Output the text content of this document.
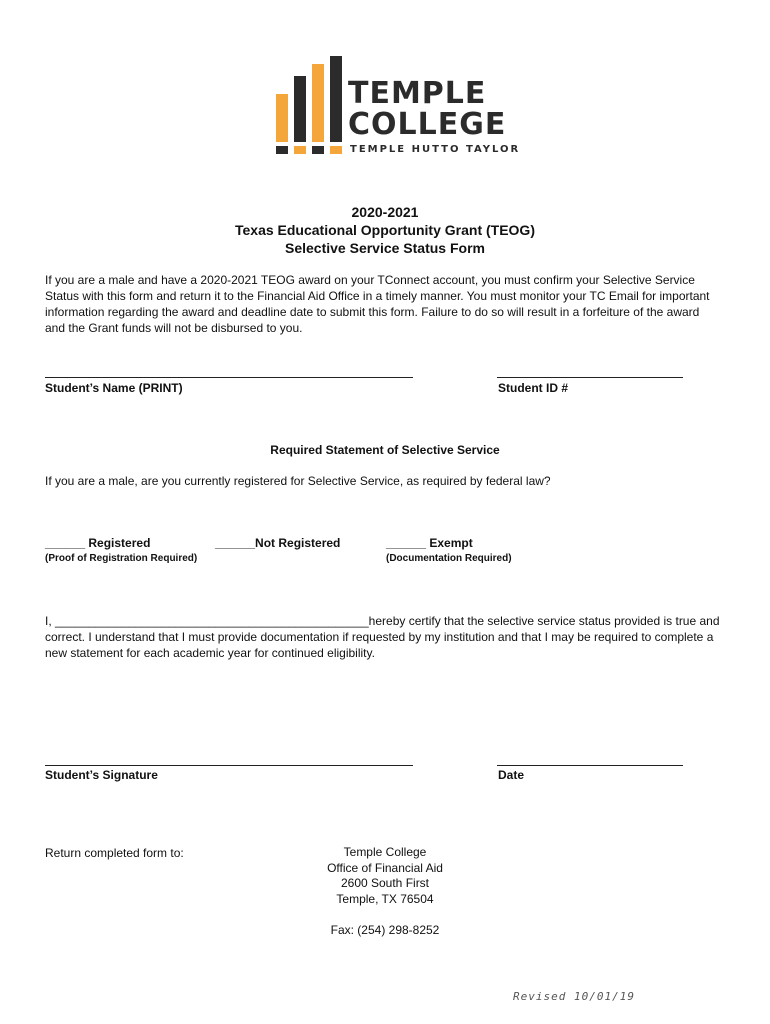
TEMPLE
COLLEGE
TEMPLE HUTTO TAYLOR
2020-2021
Texas Educational Opportunity Grant (TEOG)
Selective Service Status Form
If you are a male and have a 2020-2021 TEOG award on your TConnect account, you must confirm your Selective Service
Status with this form and return it to the Financial Aid Office in a timely manner. You must monitor your TC Email for important
information regarding the award and deadline date to submit this form. Failure to do so will result in a forfeiture of the award
and the Grant funds will not be disbursed to you.
Student’s Name (PRINT)	Student ID #
Required Statement of Selective Service
If you are a male, are you currently registered for Selective Service, as required by federal law?
______ Registered
(Proof of Registration Required)
______Not Registered	______ Exempt
(Documentation Required)
I, _______________________________________________hereby certify that the selective service status provided is true and
correct. I understand that I must provide documentation if requested by my institution and that I may be required to complete a
new statement for each academic year for continued eligibility.
Student’s Signature	Date
Return completed form to:	Temple College
Office of Financial Aid
2600 South First
Temple, TX 76504
Fax: (254) 298-8252
Revised 10/01/19
